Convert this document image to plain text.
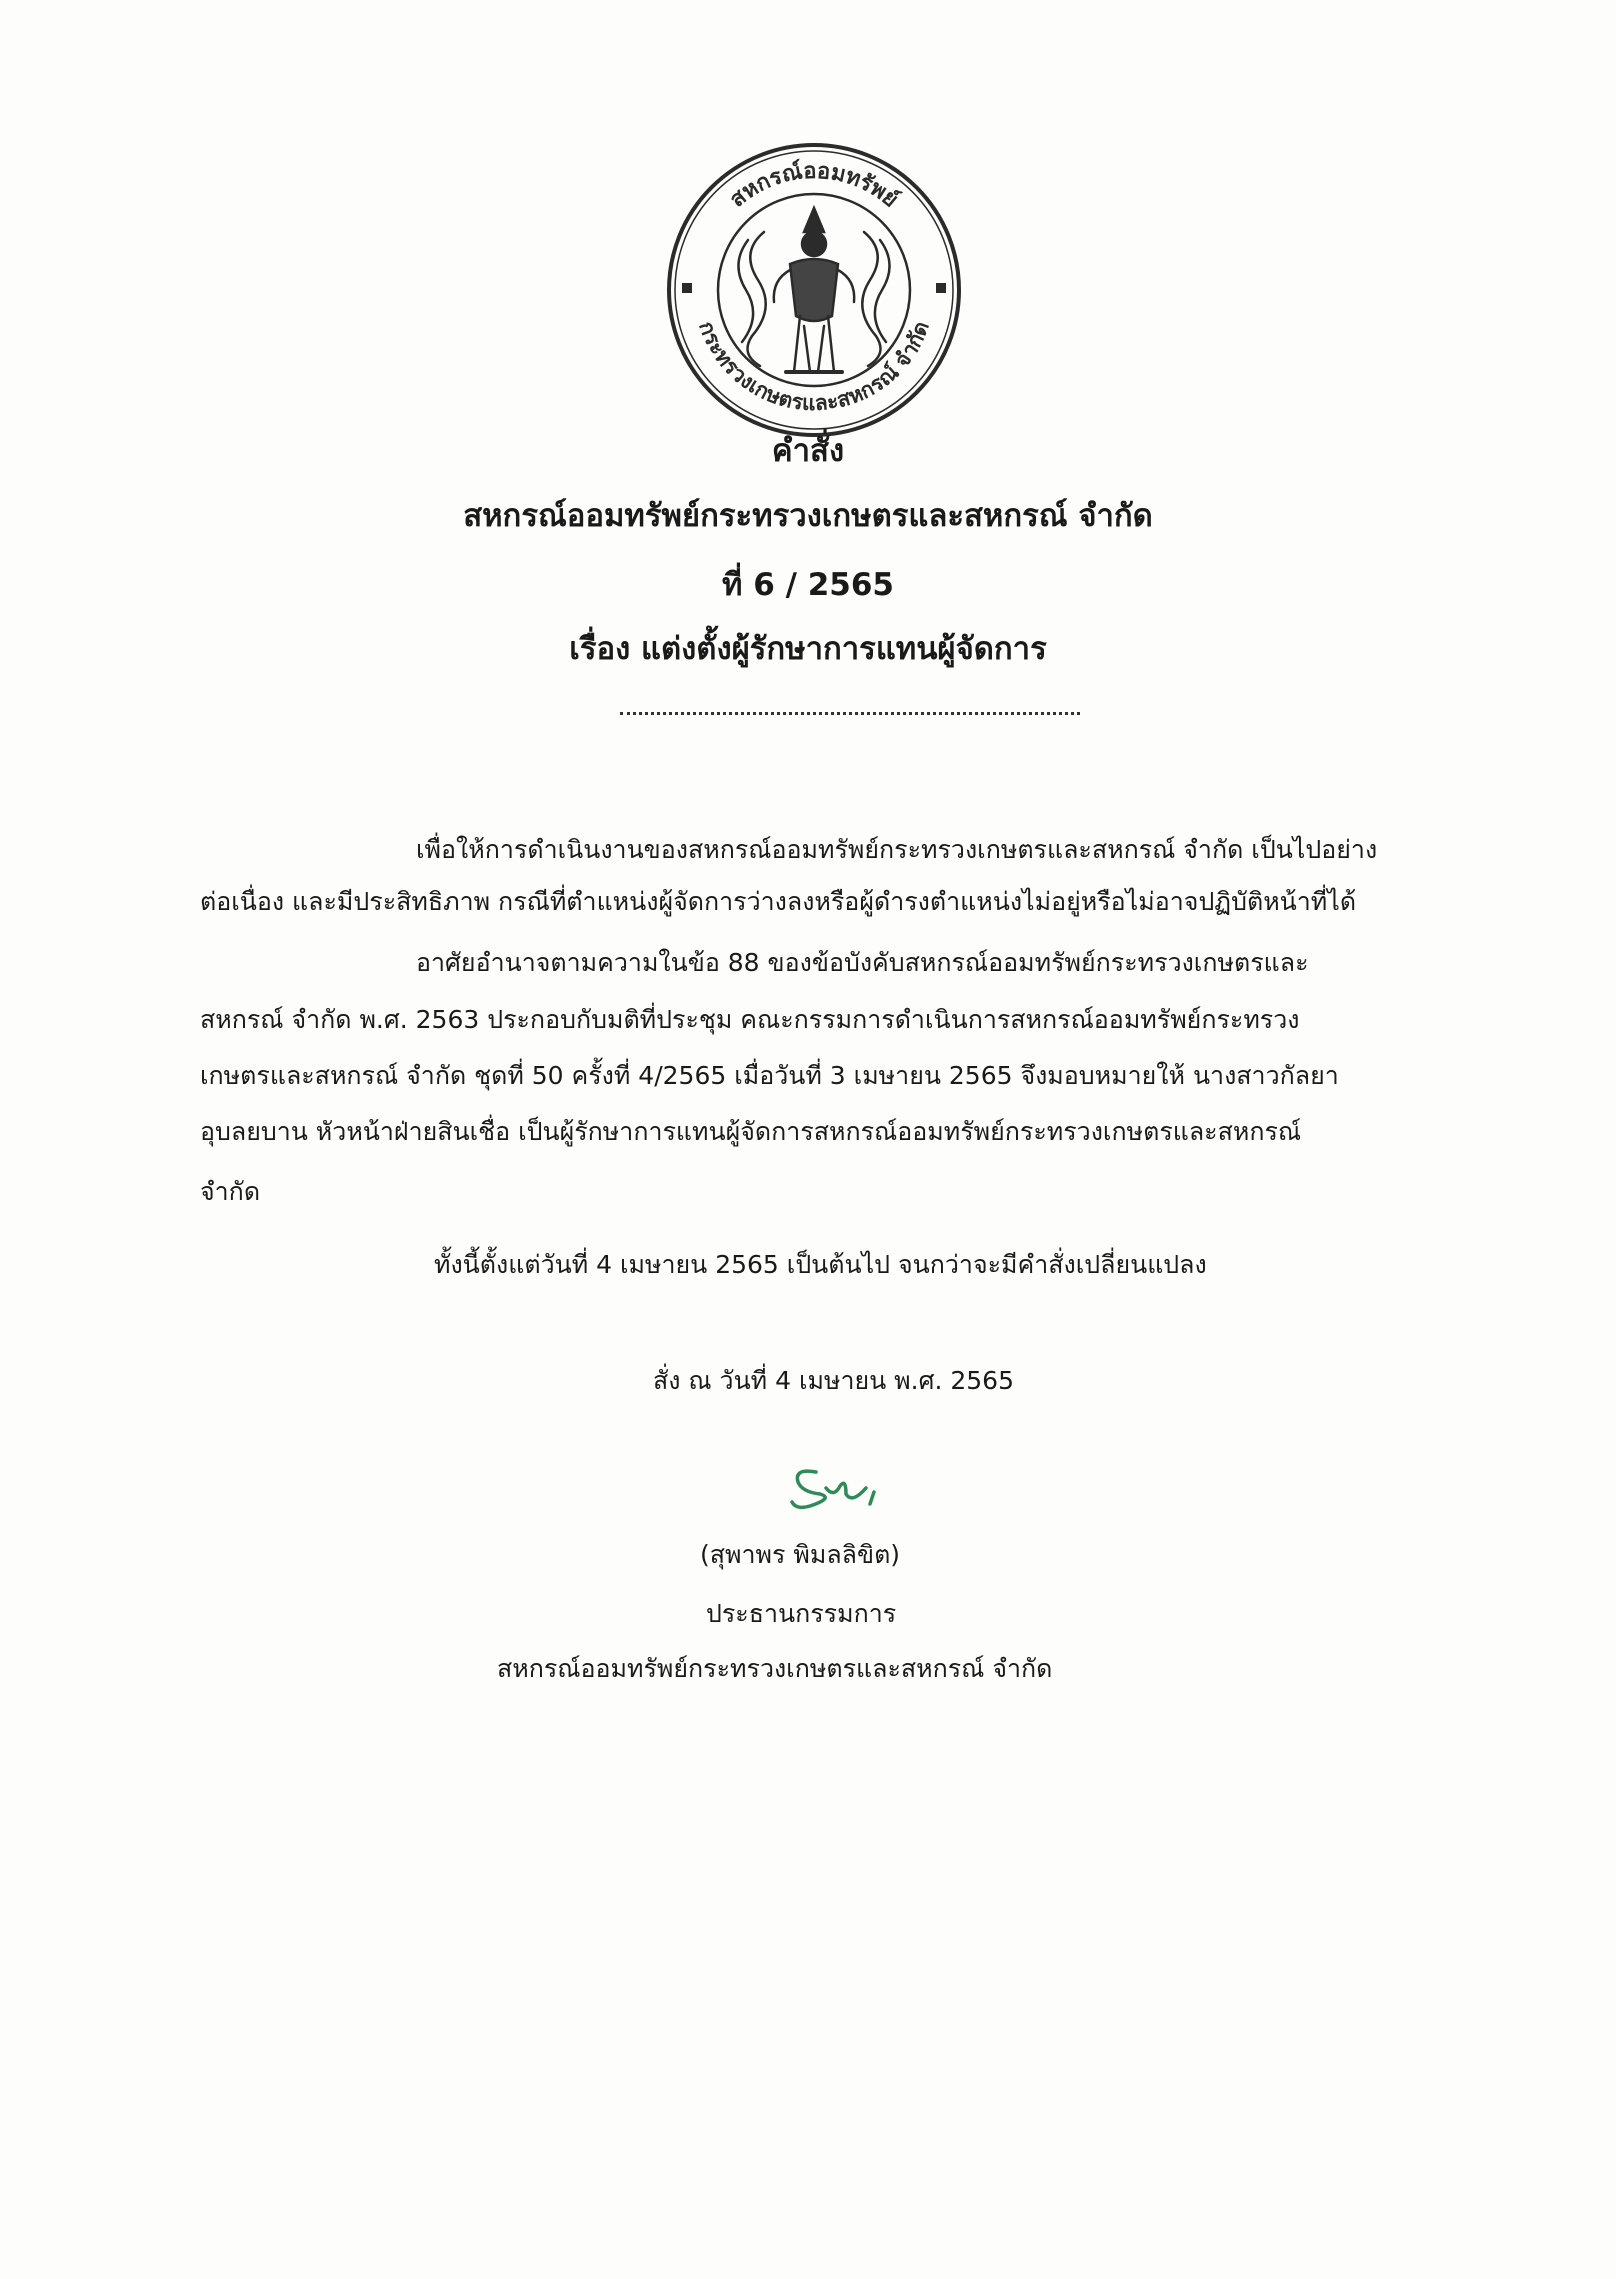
สหกรณ์ออมทรัพย์
กระทรวงเกษตรและสหกรณ์ จำกัด
คำสั่ง
สหกรณ์ออมทรัพย์กระทรวงเกษตรและสหกรณ์ จำกัด
ที่ 6 / 2565
เรื่อง แต่งตั้งผู้รักษาการแทนผู้จัดการ

เพื่อให้การดำเนินงานของสหกรณ์ออมทรัพย์กระทรวงเกษตรและสหกรณ์ จำกัด เป็นไปอย่าง

ต่อเนื่อง และมีประสิทธิภาพ กรณีที่ตำแหน่งผู้จัดการว่างลงหรือผู้ดำรงตำแหน่งไม่อยู่หรือไม่อาจปฏิบัติหน้าที่ได้

อาศัยอำนาจตามความในข้อ 88 ของข้อบังคับสหกรณ์ออมทรัพย์กระทรวงเกษตรและ

สหกรณ์ จำกัด พ.ศ. 2563 ประกอบกับมติที่ประชุม คณะกรรมการดำเนินการสหกรณ์ออมทรัพย์กระทรวง

เกษตรและสหกรณ์ จำกัด ชุดที่ 50 ครั้งที่ 4/2565 เมื่อวันที่ 3 เมษายน 2565 จึงมอบหมายให้ นางสาวกัลยา

อุบลยบาน หัวหน้าฝ่ายสินเชื่อ เป็นผู้รักษาการแทนผู้จัดการสหกรณ์ออมทรัพย์กระทรวงเกษตรและสหกรณ์

จำกัด

ทั้งนี้ตั้งแต่วันที่ 4 เมษายน 2565 เป็นต้นไป จนกว่าจะมีคำสั่งเปลี่ยนแปลง

สั่ง ณ วันที่ 4 เมษายน พ.ศ. 2565

(สุพาพร พิมลลิขิต)

ประธานกรรมการ

สหกรณ์ออมทรัพย์กระทรวงเกษตรและสหกรณ์ จำกัด
